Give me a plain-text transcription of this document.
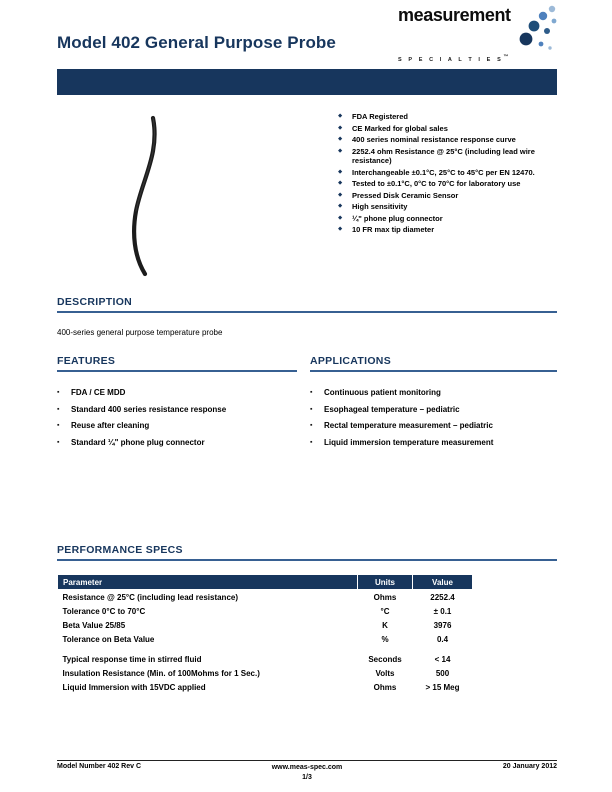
measurement
S P E C I A L T I E S™
Model 402 General Purpose Probe
◆	FDA Registered
◆	CE Marked for global sales
◆	400 series nominal resistance response curve
◆	2252.4 ohm Resistance @ 25°C (including lead wire resistance)
◆	Interchangeable ±0.1°C, 25°C to 45°C per EN 12470.
◆	Tested to ±0.1°C, 0°C to 70°C for laboratory use
◆	Pressed Disk Ceramic Sensor
◆	High sensitivity
◆	¼" phone plug connector
◆	10 FR max tip diameter
DESCRIPTION
400-series general purpose temperature probe
FEATURES
▪	FDA / CE MDD
▪	Standard 400 series resistance response
▪	Reuse after cleaning
▪	Standard ¼" phone plug connector
APPLICATIONS
▪	Continuous patient monitoring
▪	Esophageal temperature – pediatric
▪	Rectal temperature measurement – pediatric
▪	Liquid immersion temperature measurement
PERFORMANCE SPECS
Parameter	Units	Value
Resistance @ 25°C (including lead resistance)	Ohms	2252.4
Tolerance 0°C to 70°C	°C	± 0.1
Beta Value 25/85	K	3976
Tolerance on Beta Value	%	0.4

Typical response time in stirred fluid	Seconds	< 14
Insulation Resistance (Min. of 100Mohms for 1 Sec.)	Volts	500
Liquid Immersion with 15VDC applied	Ohms	> 15 Meg
Model Number 402 Rev C	www.meas-spec.com
1/3
20 January 2012
